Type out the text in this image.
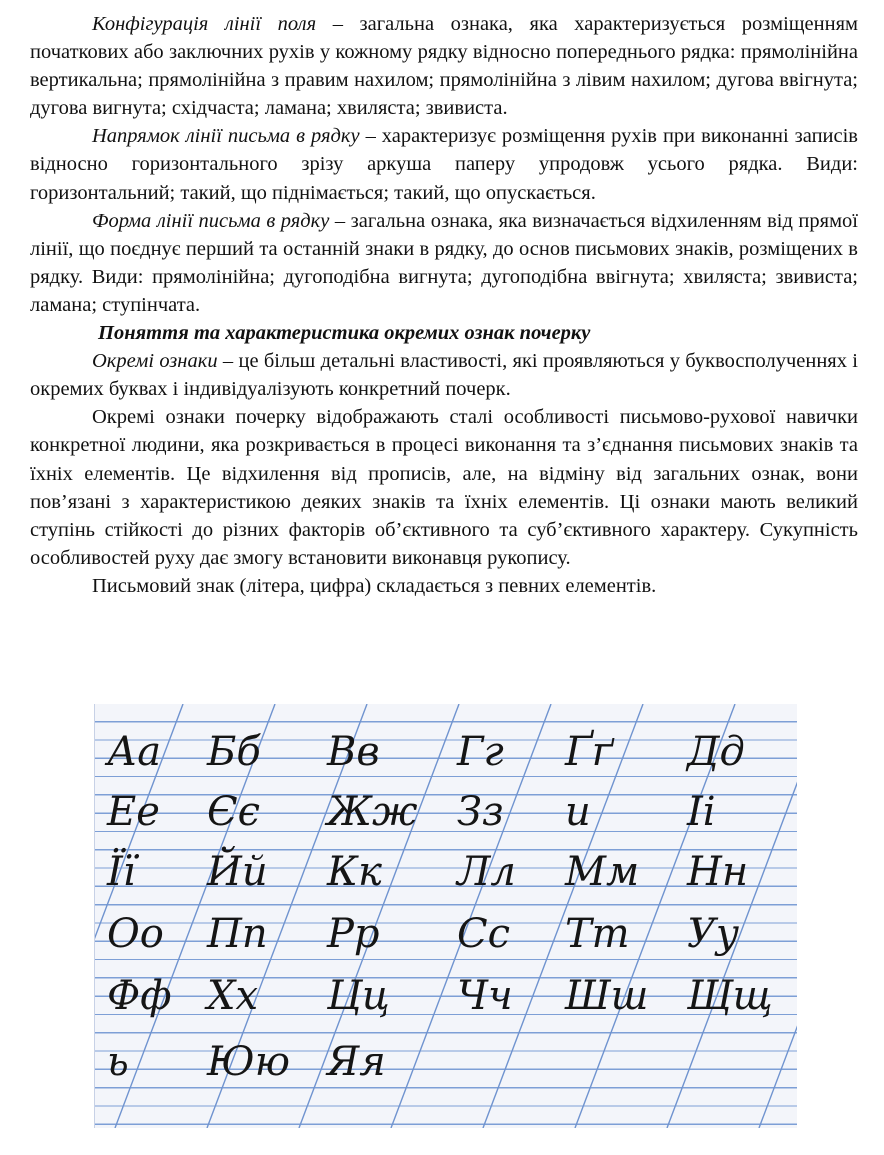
Конфігурація лінії поля – загальна ознака, яка характеризується розміщенням початкових або заключних рухів у кожному рядку відносно попереднього рядка: прямолінійна вертикальна; прямолінійна з правим нахилом; прямолінійна з лівим нахилом; дугова ввігнута; дугова вигнута; східчаста; ламана; хвиляста; звивиста.

Напрямок лінії письма в рядку – характеризує розміщення рухів при виконанні записів відносно горизонтального зрізу аркуша паперу упродовж усього рядка. Види: горизонтальний; такий, що піднімається; такий, що опускається.

Форма лінії письма в рядку – загальна ознака, яка визначається відхиленням від прямої лінії, що поєднує перший та останній знаки в рядку, до основ письмових знаків, розміщених в рядку. Види: прямолінійна; дугоподібна вигнута; дугоподібна ввігнута; хвиляста; звивиста; ламана; ступінчата.

Поняття та характеристика окремих ознак почерку

Окремі ознаки – це більш детальні властивості, які проявляються у буквосполученнях і окремих буквах і індивідуалізують конкретний почерк.

Окремі ознаки почерку відображають сталі особливості письмово-рухової навички конкретної людини, яка розкривається в процесі виконання та з’єднання письмових знаків та їхніх елементів. Це відхилення від прописів, але, на відміну від загальних ознак, вони пов’язані з характеристикою деяких знаків та їхніх елементів. Ці ознаки мають великий ступінь стійкості до різних факторів об’єктивного та суб’єктивного характеру. Сукупність особливостей руху дає змогу встановити виконавця рукопису.

Письмовий знак (літера, цифра) складається з певних елементів.

Аа Бб Вв Гг Ґґ Дд
Ее Єє Жж Зз и Іі
Її Йй Кк Лл Мм Нн
Оо Пп Рр Сс Тт Уу
Фф Хх Цц Чч Шш Щщ
ь Юю Яя
